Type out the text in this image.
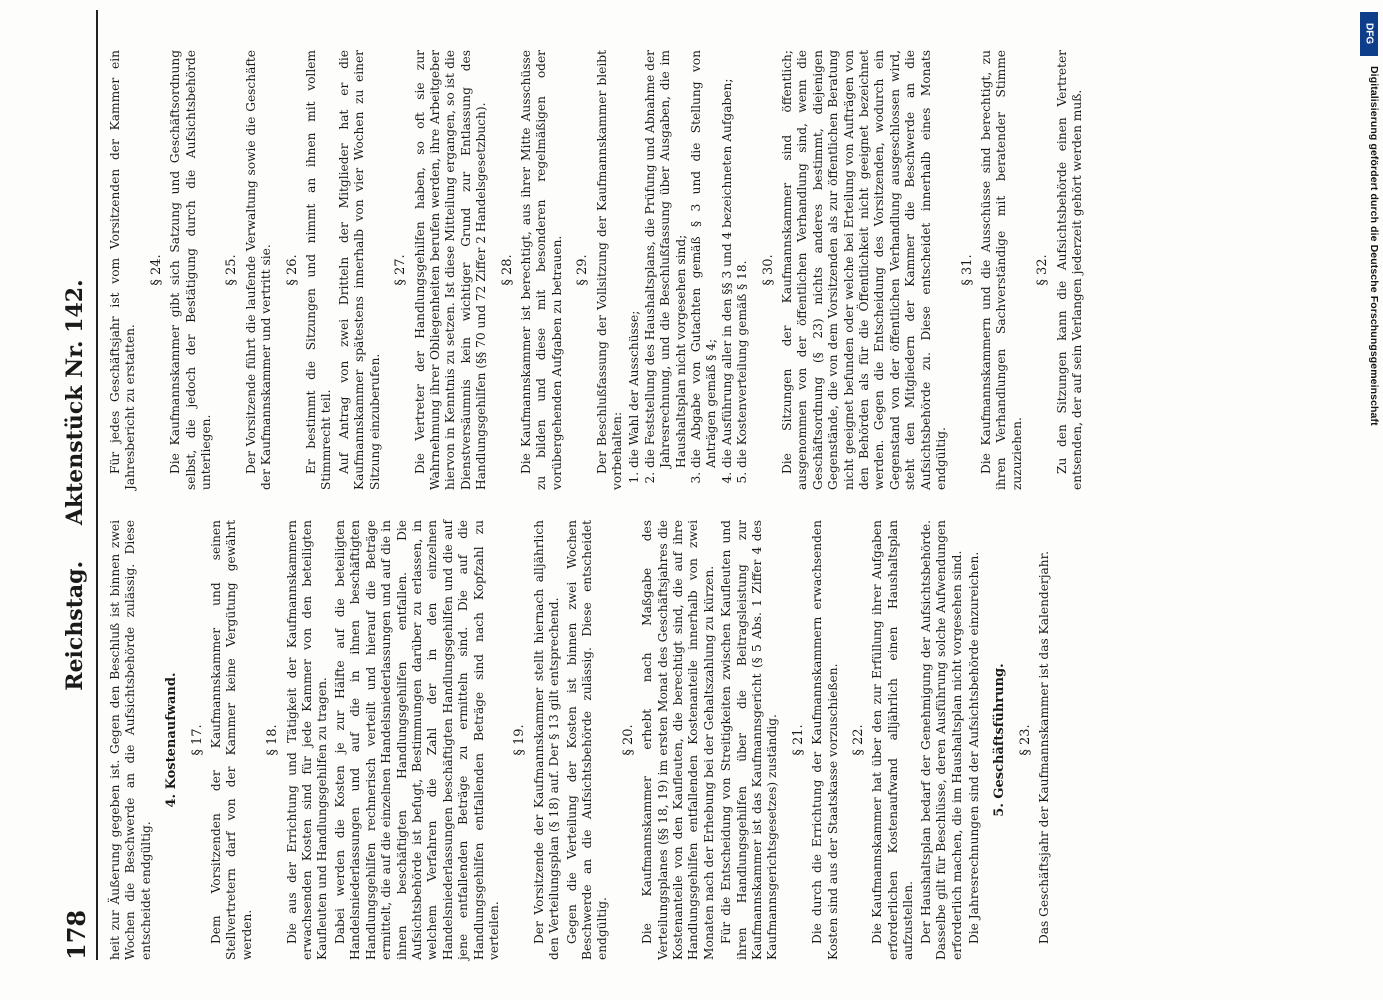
178
Reichstag. Aktenstück Nr. 142.

heit zur Äußerung gegeben ist. Gegen den Beschluß ist binnen zwei Wochen die Beschwerde an die Aufsichtsbehörde zulässig. Diese entscheidet endgültig.

4. Kostenaufwand. § 17. Dem Vorsitzenden der Kaufmannskammer und seinen Stellvertretern darf von der Kammer keine Vergütung gewährt werden.

§ 18. Die aus der Errichtung und Tätigkeit der Kaufmannskammern erwachsenden Kosten sind für jede Kammer von den beteiligten Kaufleuten und Handlungsgehilfen zu tragen. Dabei werden die Kosten je zur Hälfte auf die beteiligten Handelsniederlassungen und auf die in ihnen beschäftigten Handlungsgehilfen rechnerisch verteilt und hierauf die Beträge ermittelt, die auf die einzelnen Handelsniederlassungen und auf die in ihnen beschäftigten Handlungsgehilfen entfallen. Die Aufsichtsbehörde ist befugt, Bestimmungen darüber zu erlassen, in welchem Verfahren die Zahl der in den einzelnen Handelsniederlassungen beschäftigten Handlungsgehilfen und die auf jene entfallenden Beträge zu ermitteln sind. Die auf die Handlungsgehilfen entfallenden Beträge sind nach Kopfzahl zu verteilen.

§ 19. Der Vorsitzende der Kaufmannskammer stellt hiernach alljährlich den Verteilungsplan (§ 18) auf. Der § 13 gilt entsprechend. Gegen die Verteilung der Kosten ist binnen zwei Wochen Beschwerde an die Aufsichtsbehörde zulässig. Diese entscheidet endgültig.

§ 20. Die Kaufmannskammer erhebt nach Maßgabe des Verteilungsplanes (§§ 18, 19) im ersten Monat des Geschäftsjahres die Kostenanteile von den Kaufleuten, die berechtigt sind, die auf ihre Handlungsgehilfen entfallenden Kostenanteile innerhalb von zwei Monaten nach der Erhebung bei der Gehaltszahlung zu kürzen. Für die Entscheidung von Streitigkeiten zwischen Kaufleuten und ihren Handlungsgehilfen über die Beitragsleistung zur Kaufmannskammer ist das Kaufmannsgericht (§ 5 Abs. 1 Ziffer 4 des Kaufmannsgerichtsgesetzes) zuständig. § 21. Die durch die Errichtung der Kaufmannskammern erwachsenden Kosten sind aus der Staatskasse vorzuschießen. § 22. Die Kaufmannskammer hat über den zur Erfüllung ihrer Aufgaben erforderlichen Kostenaufwand alljährlich einen Haushaltsplan aufzustellen. Der Haushaltsplan bedarf der Genehmigung der Aufsichtsbehörde. Dasselbe gilt für Beschlüsse, deren Ausführung solche Aufwendungen erforderlich machen, die im Haushaltsplan nicht vorgesehen sind. Die Jahresrechnungen sind der Aufsichtsbehörde einzureichen. 5. Geschäftsführung. § 23. Das Geschäftsjahr der Kaufmannskammer ist das Kalenderjahr.

Für jedes Geschäftsjahr ist vom Vorsitzenden der Kammer ein Jahresbericht zu erstatten.

§ 24. Die Kaufmannskammer gibt sich Satzung und Geschäftsordnung selbst, die jedoch der Bestätigung durch die Aufsichtsbehörde unterliegen.

§ 25. Der Vorsitzende führt die laufende Verwaltung sowie die Geschäfte der Kaufmannskammer und vertritt sie. § 26. Er bestimmt die Sitzungen und nimmt an ihnen mit vollem Stimmrecht teil. Auf Antrag von zwei Dritteln der Mitglieder hat er die Kaufmannskammer spätestens innerhalb von vier Wochen zu einer Sitzung einzuberufen.

§ 27. Die Vertreter der Handlungsgehilfen haben, so oft sie zur Wahrnehmung ihrer Obliegenheiten berufen werden, ihre Arbeitgeber hiervon in Kenntnis zu setzen. Ist diese Mitteilung ergangen, so ist die Dienstversäumnis kein wichtiger Grund zur Entlassung des Handlungsgehilfen (§§ 70 und 72 Ziffer 2 Handelsgesetzbuch). § 28. Die Kaufmannskammer ist berechtigt, aus ihrer Mitte Ausschüsse zu bilden und diese mit besonderen regelmäßigen oder vorübergehenden Aufgaben zu betrauen. § 29. Der Beschlußfassung der Vollsitzung der Kaufmannskammer bleibt vorbehalten: 1. die Wahl der Ausschüsse; 2. die Feststellung des Haushaltsplans, die Prüfung und Abnahme der Jahresrechnung, und die Beschlußfassung über Ausgaben, die im Haushaltsplan nicht vorgesehen sind; 3. die Abgabe von Gutachten gemäß § 3 und die Stellung von Anträgen gemäß § 4; 4. die Ausführung aller in den §§ 3 und 4 bezeichneten Aufgaben; 5. die Kostenverteilung gemäß § 18. § 30. Die Sitzungen der Kaufmannskammer sind öffentlich; ausgenommen von der öffentlichen Verhandlung sind, wenn die Geschäftsordnung (§ 23) nichts anderes bestimmt, diejenigen Gegenstände, die von dem Vorsitzenden als zur öffentlichen Beratung nicht geeignet befunden oder welche bei Erteilung von Aufträgen von den Behörden als für die Öffentlichkeit nicht geeignet bezeichnet werden. Gegen die Entscheidung des Vorsitzenden, wodurch ein Gegenstand von der öffentlichen Verhandlung ausgeschlossen wird, steht den Mitgliedern der Kammer die Beschwerde an die Aufsichtsbehörde zu. Diese entscheidet innerhalb eines Monats endgültig.

§ 31. Die Kaufmannskammern und die Ausschüsse sind berechtigt, zu ihren Verhandlungen Sachverständige mit beratender Stimme zuzuziehen.

§ 32. Zu den Sitzungen kann die Aufsichtsbehörde einen Vertreter entsenden, der auf sein Verlangen jederzeit gehört werden muß.

DFG
Digitalisierung gefördert durch die Deutsche Forschungsgemeinschaft
